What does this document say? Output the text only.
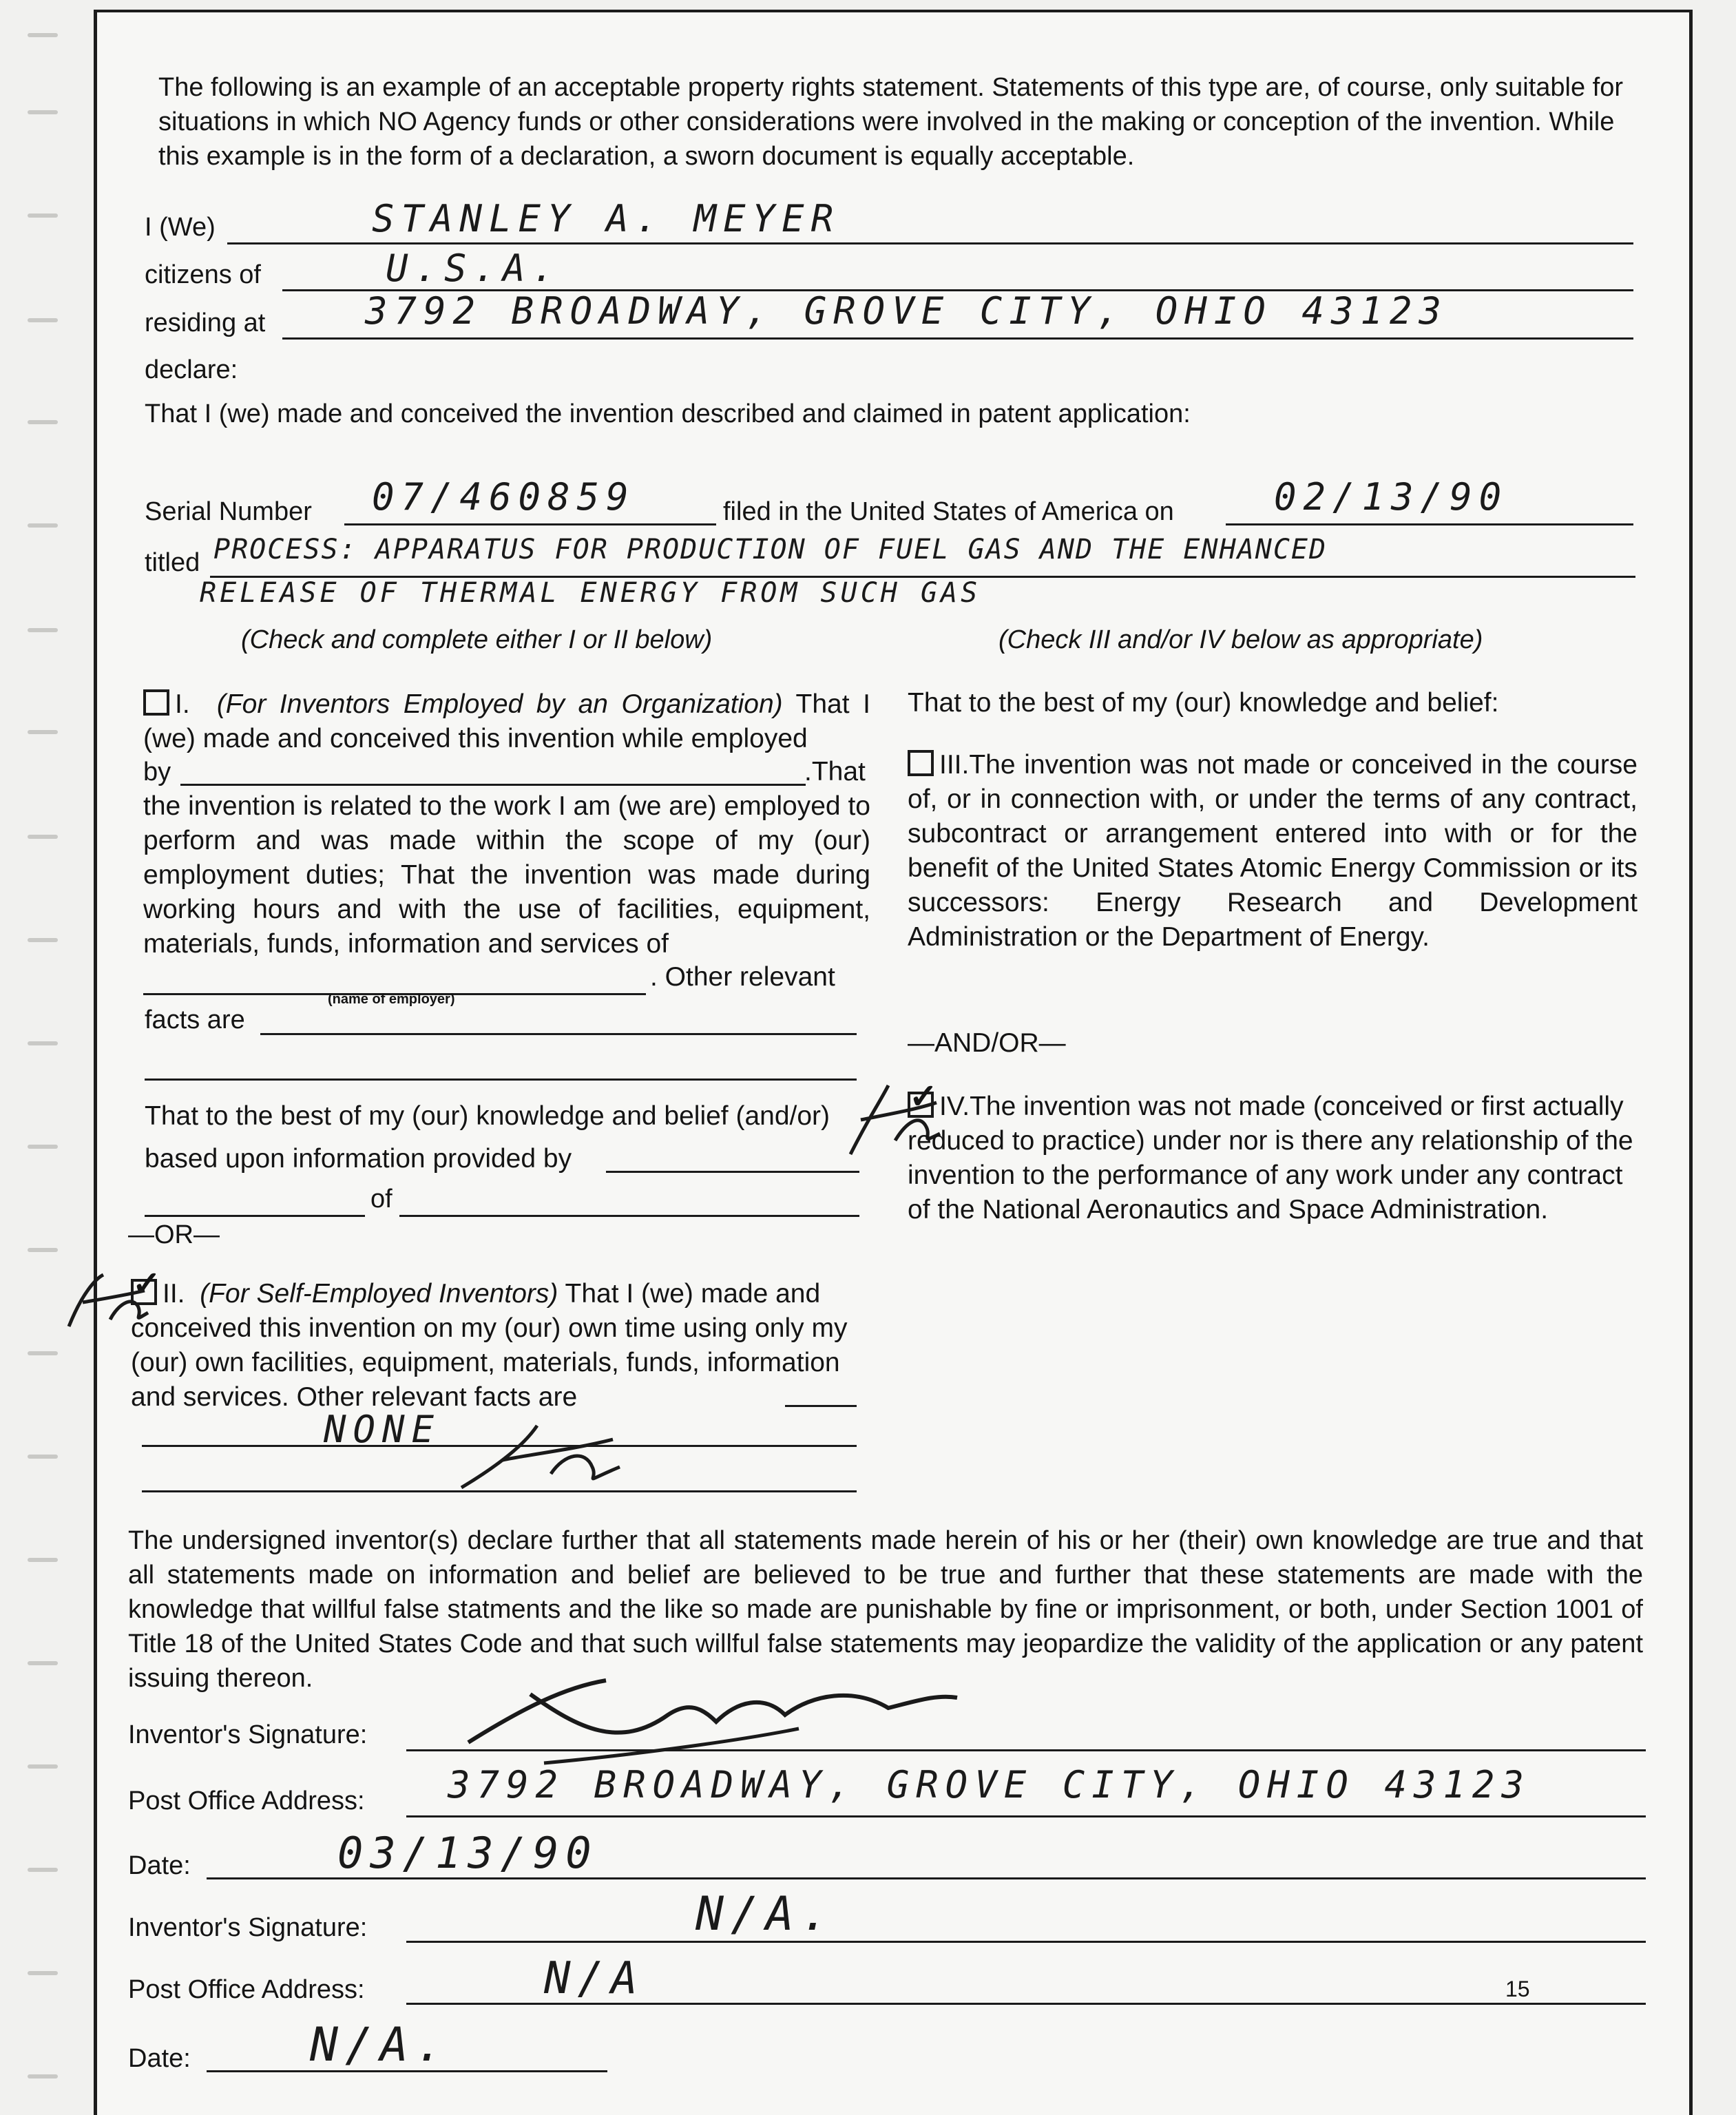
The following is an example of an acceptable property rights statement. Statements of this type are, of course, only suitable for situations in which NO Agency funds or other considerations were involved in the making or conception of the invention. While this example is in the form of a declaration, a sworn document is equally acceptable.
I (We)	STANLEY A. MEYER
citizens of	U.S.A.
residing at	3792 BROADWAY, GROVE CITY, OHIO 43123
declare:
That I (we) made and conceived the invention described and claimed in patent application:
Serial Number 07/460859	filed in the United States of America on	02/13/90
titled PROCESS: APPARATUS FOR PRODUCTION OF FUEL GAS AND THE ENHANCED
RELEASE OF THERMAL ENERGY FROM SUCH GAS
(Check and complete either I or II below)	(Check III and/or IV below as appropriate)
I. (For Inventors Employed by an Organization) That I (we) made and conceived this invention while employed
by	.That the invention is related to the work I am (we are) employed to perform and was made within the scope of my (our) employment duties; That the invention was made during working hours and with the use of facilities, equipment, materials, funds, information and services of
. Other relevant
(name of employer)
facts are
That to the best of my (our) knowledge and belief (and/or) based upon information provided by
of
—OR—
✓II. (For Self-Employed Inventors) That I (we) made and conceived this invention on my (our) own time using only my (our) own facilities, equipment, materials, funds, information and services. Other relevant facts are
NONE
That to the best of my (our) knowledge and belief:
III.The invention was not made or conceived in the course of, or in connection with, or under the terms of any contract, subcontract or arrangement entered into with or for the benefit of the United States Atomic Energy Commission or its successors: Energy Research and Development Administration or the Department of Energy.
—AND/OR—
✓IV.The invention was not made (conceived or first actually reduced to practice) under nor is there any relationship of the invention to the performance of any work under any contract of the National Aeronautics and Space Administration.
The undersigned inventor(s) declare further that all statements made herein of his or her (their) own knowledge are true and that all statements made on information and belief are believed to be true and further that these statements are made with the knowledge that willful false statments and the like so made are punishable by fine or imprisonment, or both, under Section 1001 of Title 18 of the United States Code and that such willful false statements may jeopardize the validity of the application or any patent issuing thereon.
Inventor's Signature:
Post Office Address: 3792 BROADWAY, GROVE CITY, OHIO 43123
Date:	03/13/90
Inventor's Signature:	N/A.
Post Office Address:	N/A
Date:	N/A.
15
